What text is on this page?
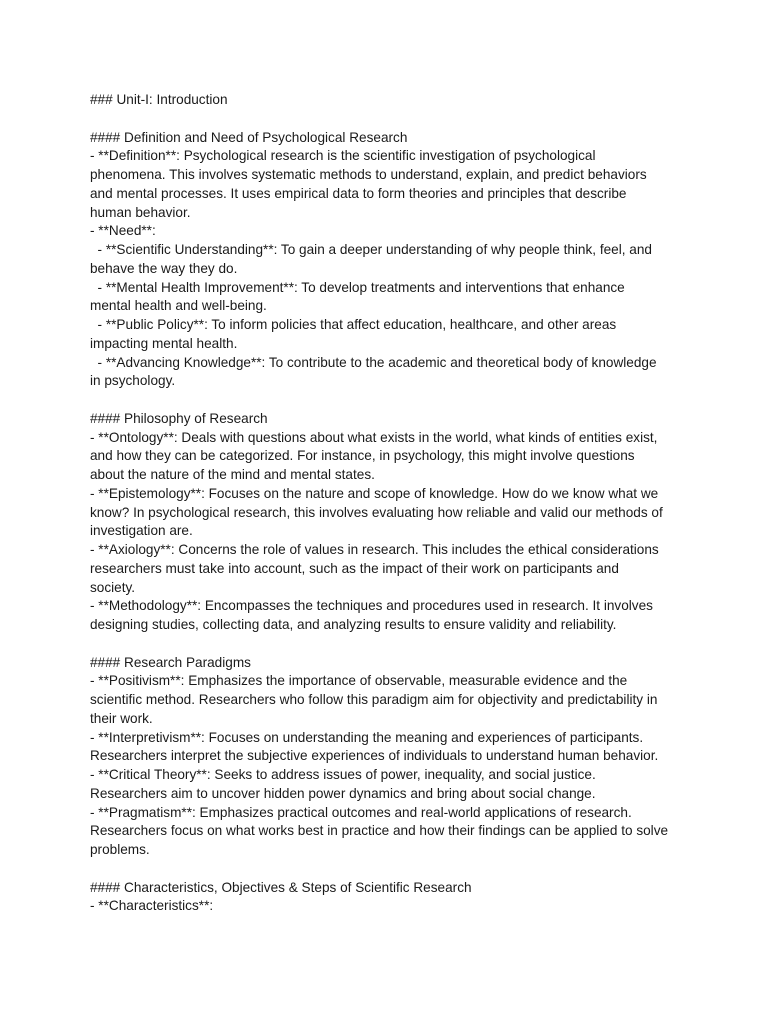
### Unit-I: Introduction
#### Definition and Need of Psychological Research
- **Definition**: Psychological research is the scientific investigation of psychological
phenomena. This involves systematic methods to understand, explain, and predict behaviors
and mental processes. It uses empirical data to form theories and principles that describe
human behavior.
- **Need**:
- **Scientific Understanding**: To gain a deeper understanding of why people think, feel, and
behave the way they do.
- **Mental Health Improvement**: To develop treatments and interventions that enhance
mental health and well-being.
- **Public Policy**: To inform policies that affect education, healthcare, and other areas
impacting mental health.
- **Advancing Knowledge**: To contribute to the academic and theoretical body of knowledge
in psychology.
#### Philosophy of Research
- **Ontology**: Deals with questions about what exists in the world, what kinds of entities exist,
and how they can be categorized. For instance, in psychology, this might involve questions
about the nature of the mind and mental states.
- **Epistemology**: Focuses on the nature and scope of knowledge. How do we know what we
know? In psychological research, this involves evaluating how reliable and valid our methods of
investigation are.
- **Axiology**: Concerns the role of values in research. This includes the ethical considerations
researchers must take into account, such as the impact of their work on participants and
society.
- **Methodology**: Encompasses the techniques and procedures used in research. It involves
designing studies, collecting data, and analyzing results to ensure validity and reliability.
#### Research Paradigms
- **Positivism**: Emphasizes the importance of observable, measurable evidence and the
scientific method. Researchers who follow this paradigm aim for objectivity and predictability in
their work.
- **Interpretivism**: Focuses on understanding the meaning and experiences of participants.
Researchers interpret the subjective experiences of individuals to understand human behavior.
- **Critical Theory**: Seeks to address issues of power, inequality, and social justice.
Researchers aim to uncover hidden power dynamics and bring about social change.
- **Pragmatism**: Emphasizes practical outcomes and real-world applications of research.
Researchers focus on what works best in practice and how their findings can be applied to solve
problems.
#### Characteristics, Objectives & Steps of Scientific Research
- **Characteristics**:
